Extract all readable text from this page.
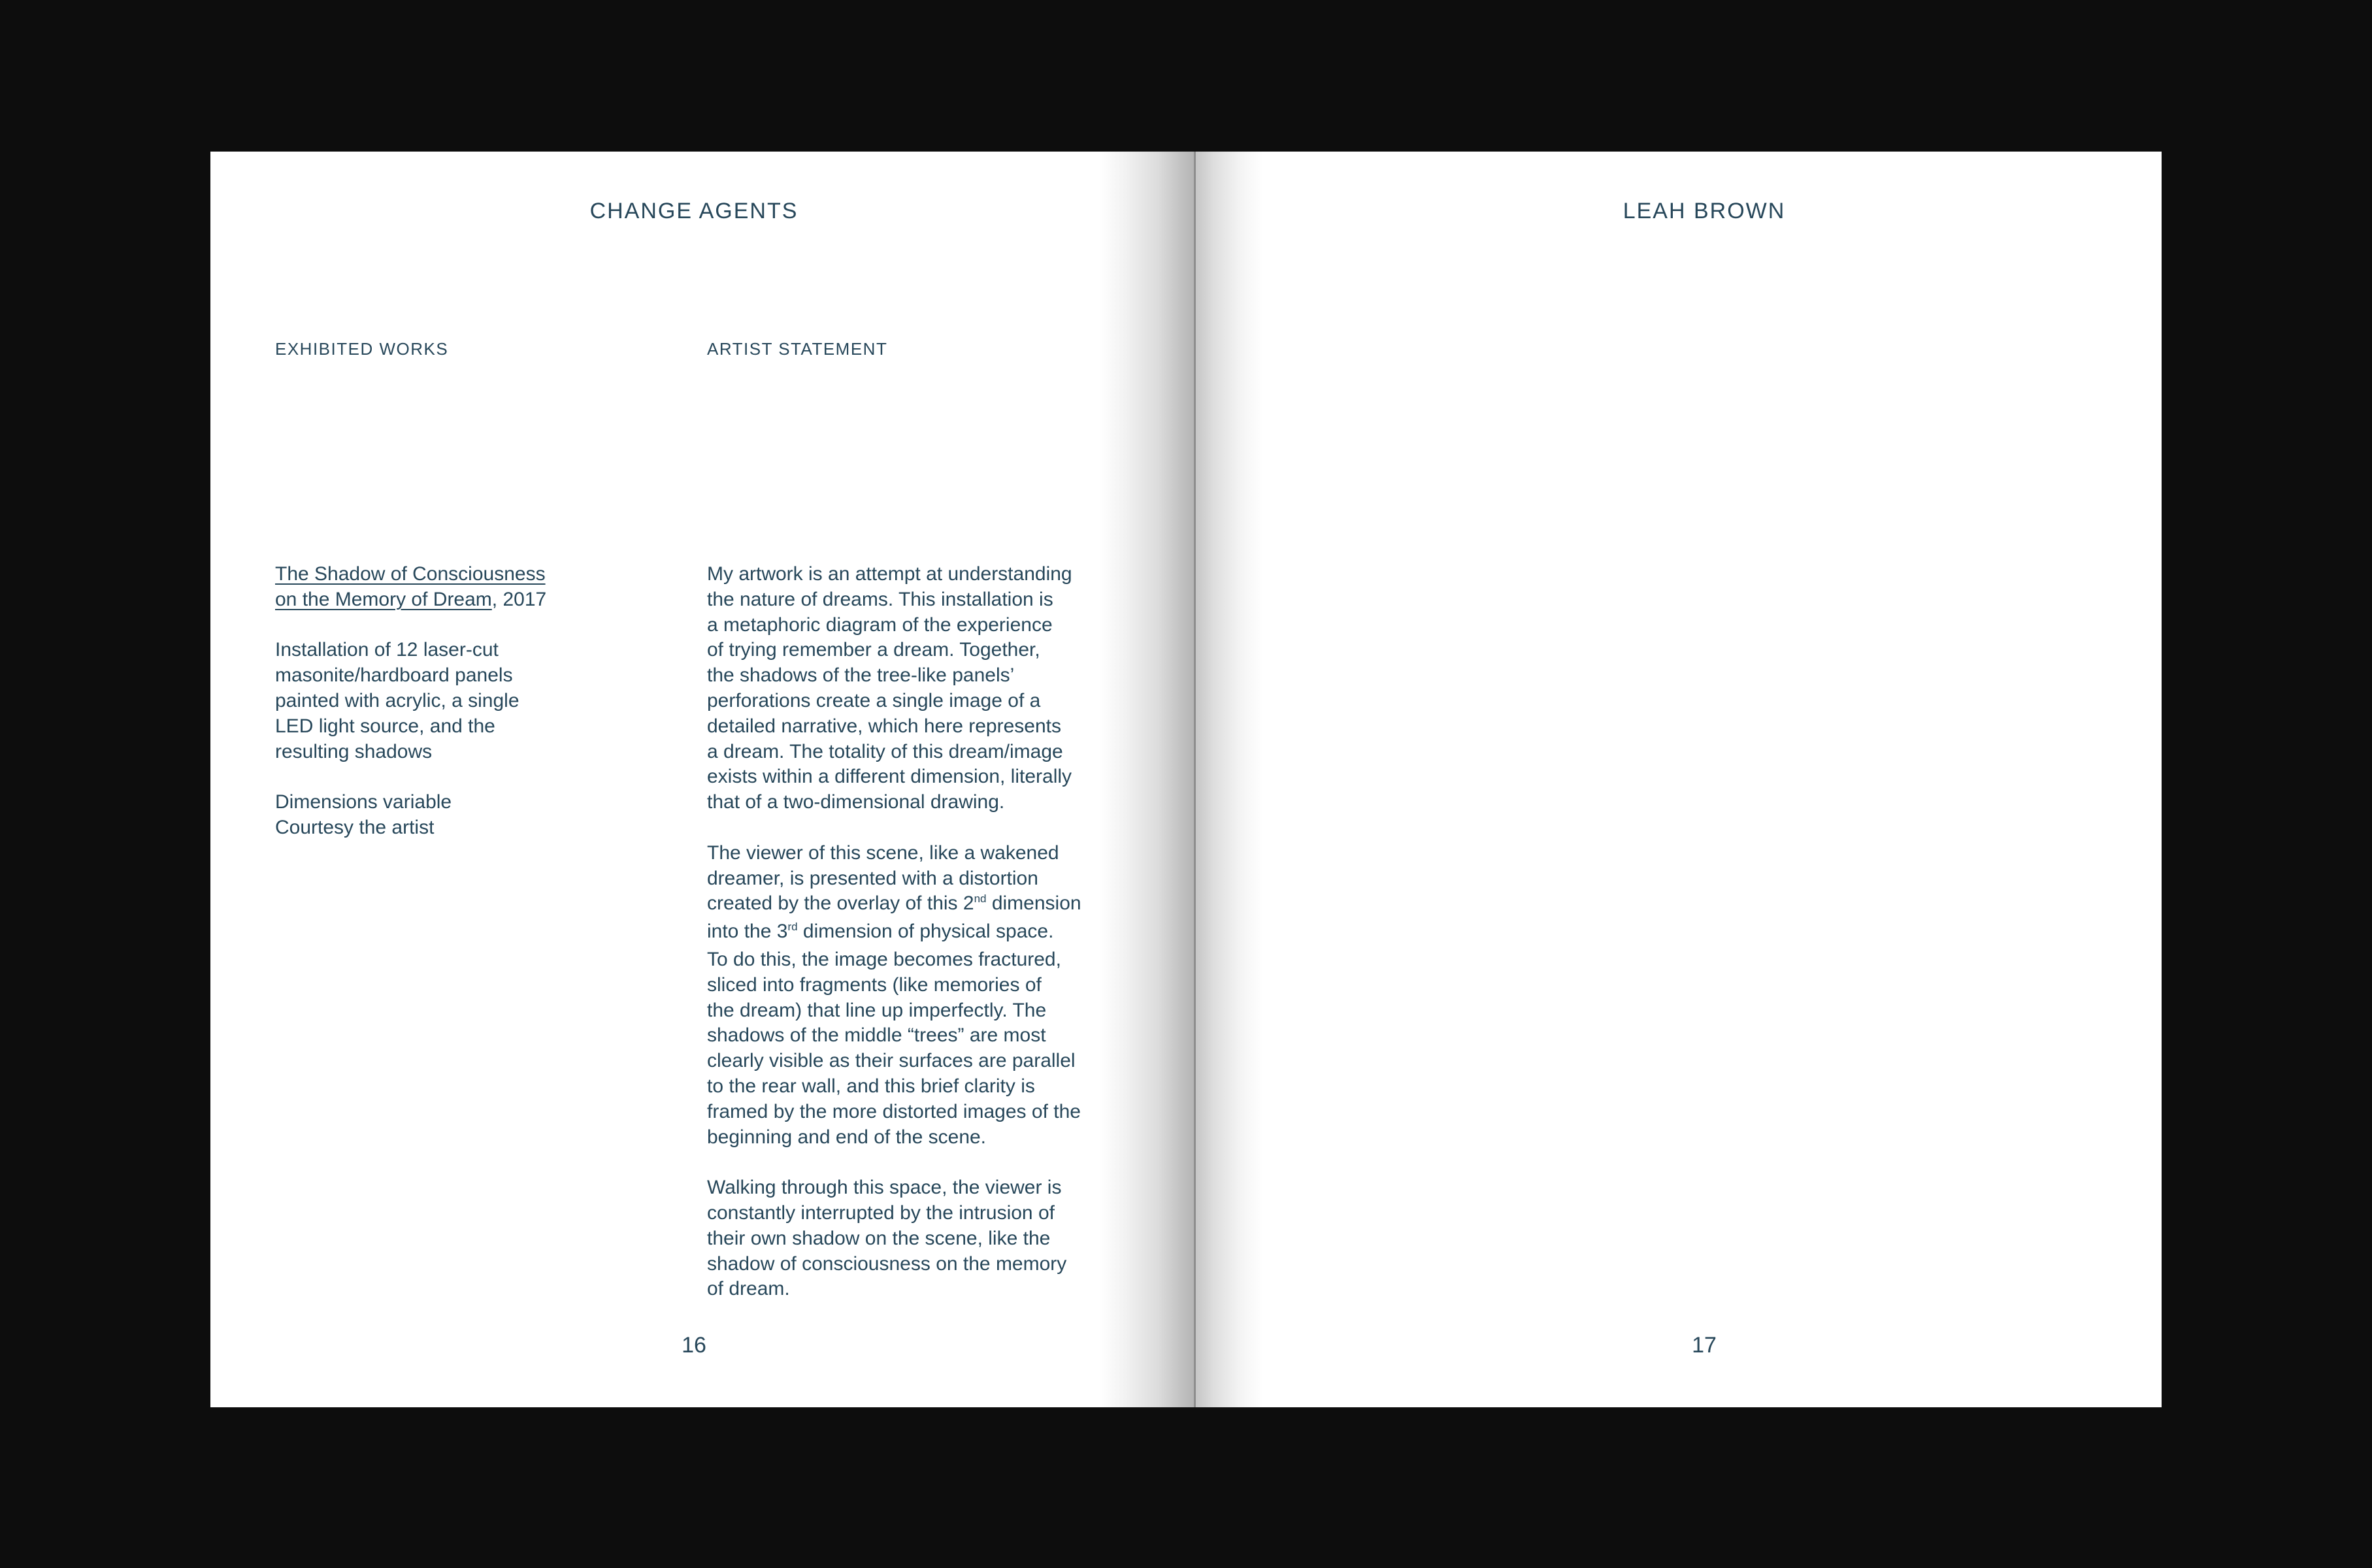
CHANGE AGENTS
EXHIBITED WORKS

The Shadow of Consciousness
on the Memory of Dream, 2017

Installation of 12 laser-cut
masonite/hardboard panels
painted with acrylic, a single
LED light source, and the
resulting shadows

Dimensions variable
Courtesy the artist

ARTIST STATEMENT

My artwork is an attempt at understanding
the nature of dreams. This installation is
a metaphoric diagram of the experience
of trying remember a dream. Together,
the shadows of the tree-like panels’
perforations create a single image of a
detailed narrative, which here represents
a dream. The totality of this dream/image
exists within a different dimension, literally
that of a two-dimensional drawing.

The viewer of this scene, like a wakened
dreamer, is presented with a distortion
created by the overlay of this 2nd dimension
into the 3rd dimension of physical space.
To do this, the image becomes fractured,
sliced into fragments (like memories of
the dream) that line up imperfectly. The
shadows of the middle “trees” are most
clearly visible as their surfaces are parallel
to the rear wall, and this brief clarity is
framed by the more distorted images of the
beginning and end of the scene.

Walking through this space, the viewer is
constantly interrupted by the intrusion of
their own shadow on the scene, like the
shadow of consciousness on the memory
of dream.

16
LEAH BROWN
17
